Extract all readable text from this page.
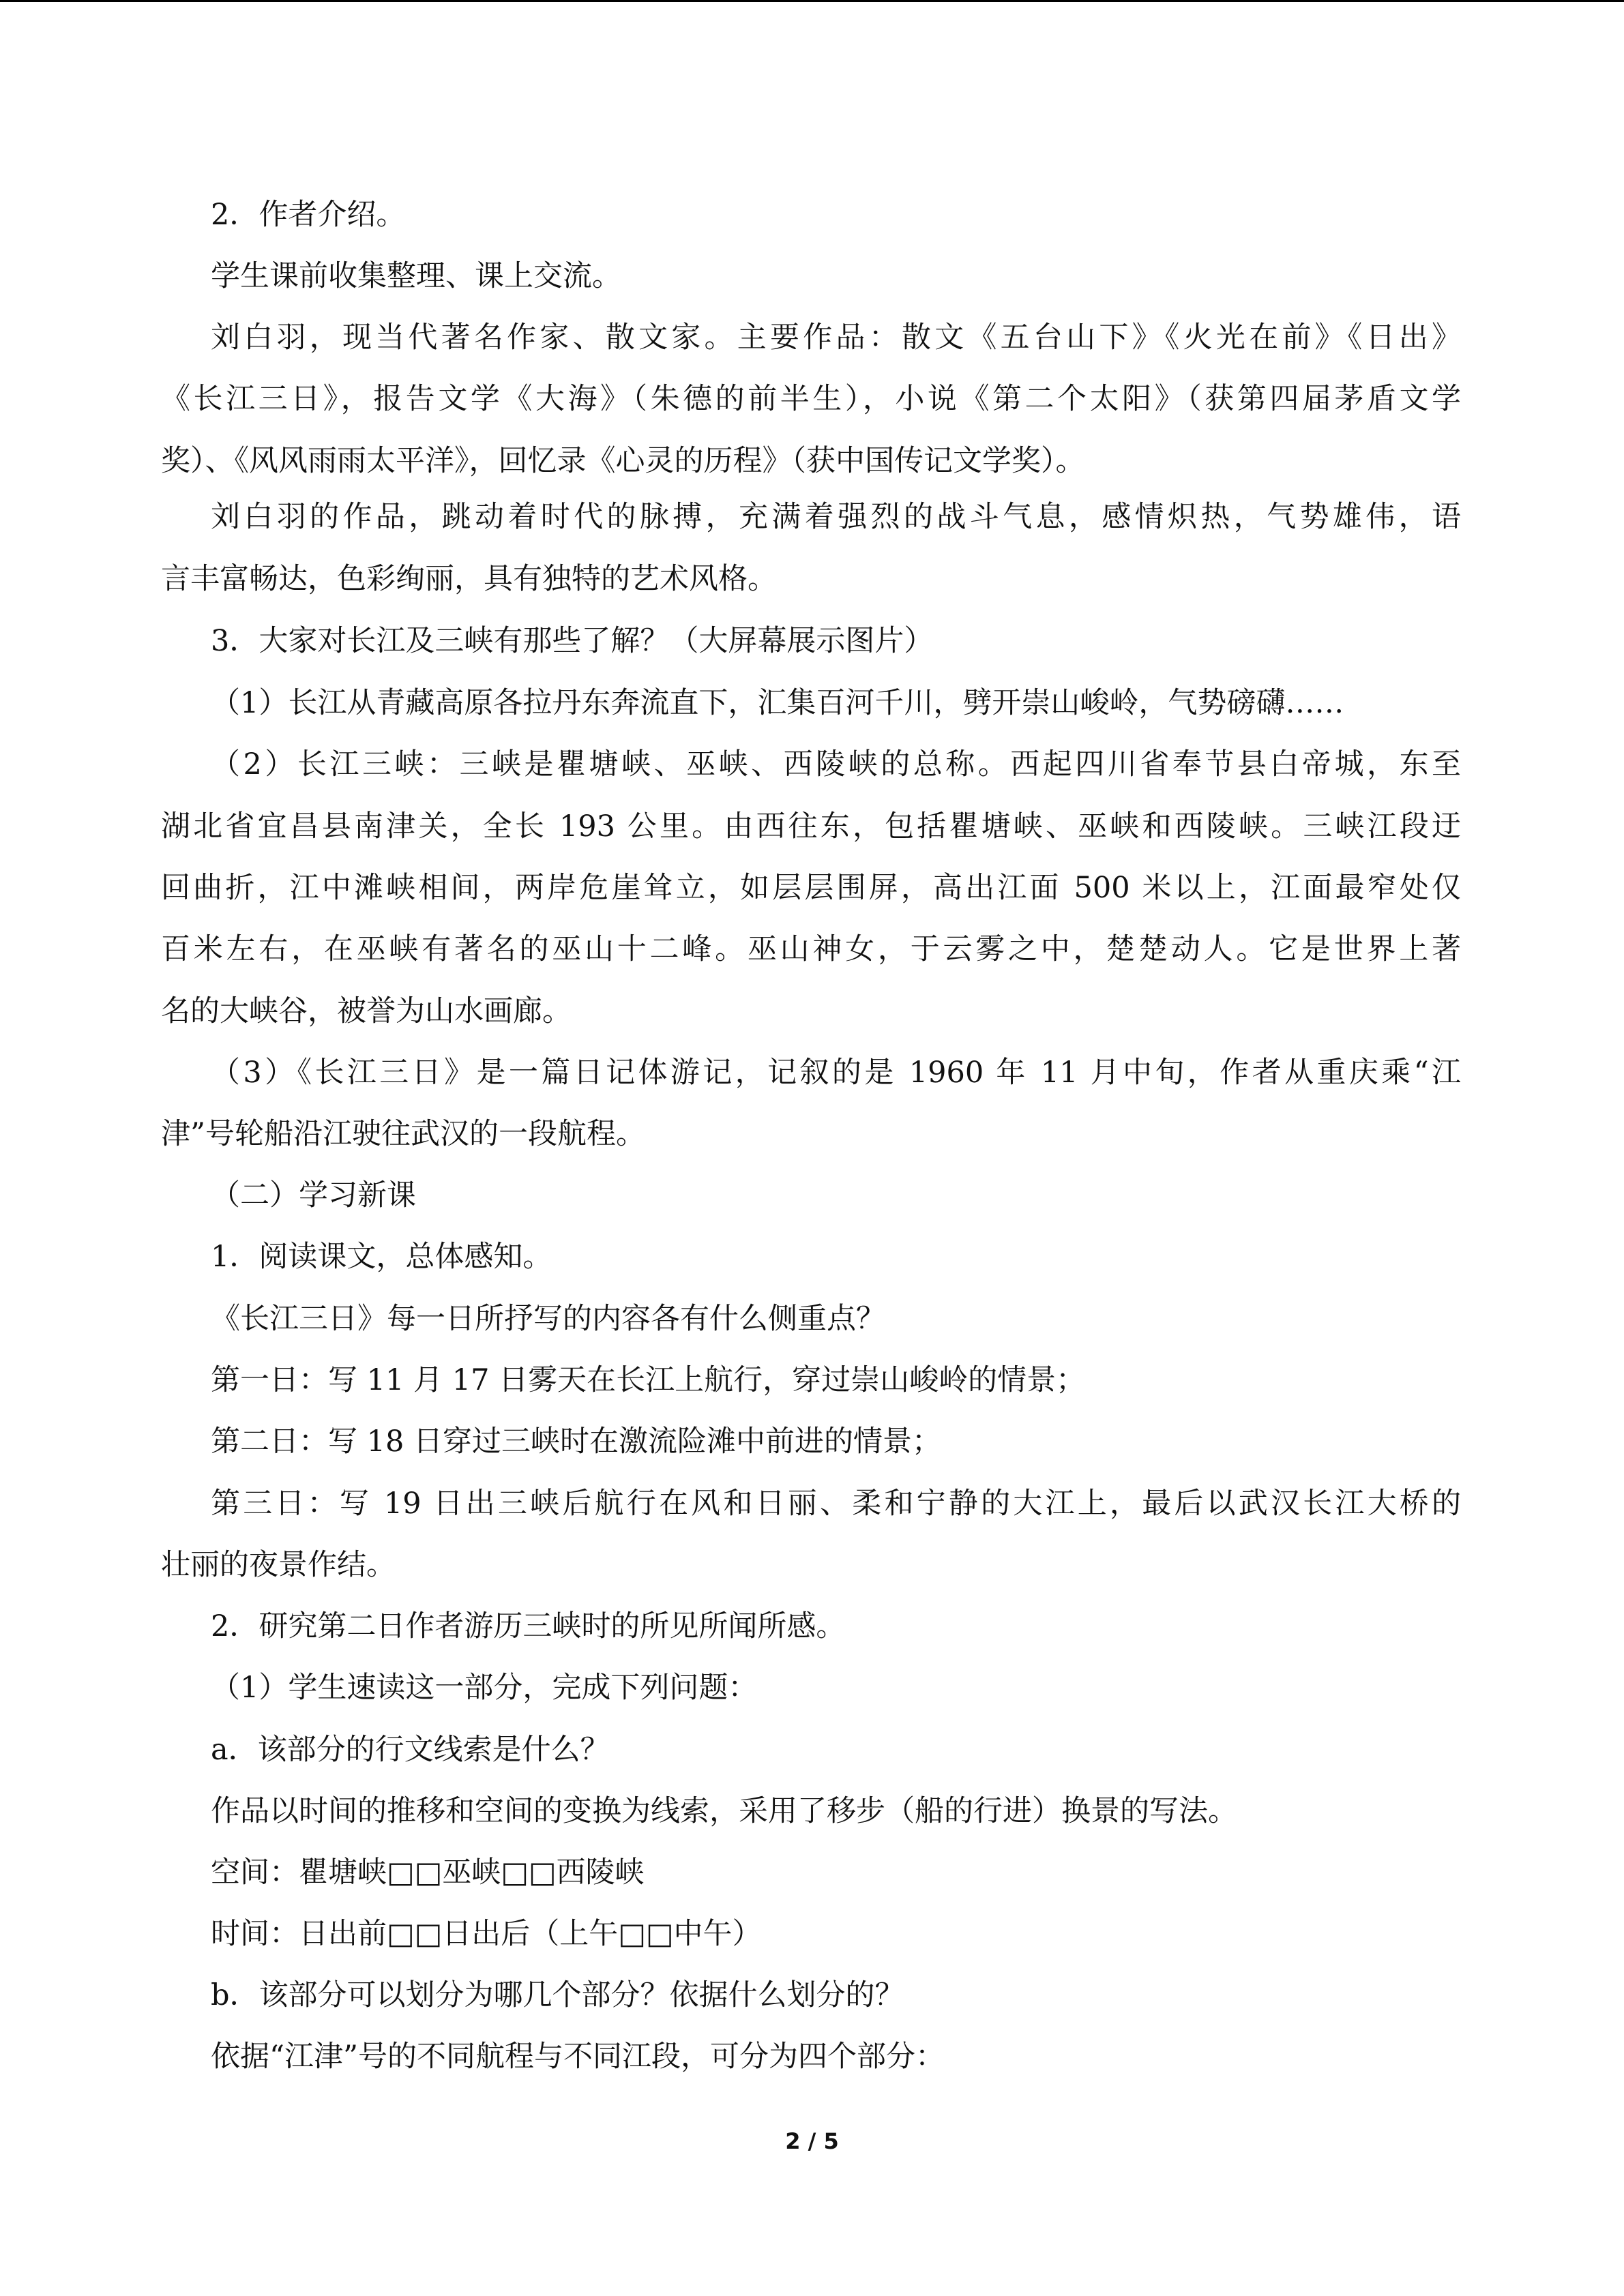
2．作者介绍。
学生课前收集整理、课上交流。
刘白羽，现当代著名作家、散文家。主要作品：散文《五台山下》《火光在前》《日出》
《长江三日》，报告文学《大海》（朱德的前半生），小说《第二个太阳》（获第四届茅盾文学
奖）、《风风雨雨太平洋》，回忆录《心灵的历程》（获中国传记文学奖）。
刘白羽的作品，跳动着时代的脉搏，充满着强烈的战斗气息，感情炽热，气势雄伟，语
言丰富畅达，色彩绚丽，具有独特的艺术风格。
3．大家对长江及三峡有那些了解？（大屏幕展示图片）
（1）长江从青藏高原各拉丹东奔流直下，汇集百河千川，劈开崇山峻岭，气势磅礴……
（2）长江三峡：三峡是瞿塘峡、巫峡、西陵峡的总称。西起四川省奉节县白帝城，东至
湖北省宜昌县南津关，全长 193 公里。由西往东，包括瞿塘峡、巫峡和西陵峡。三峡江段迂
回曲折，江中滩峡相间，两岸危崖耸立，如层层围屏，高出江面 500 米以上，江面最窄处仅
百米左右，在巫峡有著名的巫山十二峰。巫山神女，于云雾之中，楚楚动人。它是世界上著
名的大峡谷，被誉为山水画廊。
（3）《长江三日》是一篇日记体游记，记叙的是 1960 年 11 月中旬，作者从重庆乘“江
津”号轮船沿江驶往武汉的一段航程。
（二）学习新课
1．阅读课文，总体感知。
《长江三日》每一日所抒写的内容各有什么侧重点？
第一日：写 11 月 17 日雾天在长江上航行，穿过崇山峻岭的情景；
第二日：写 18 日穿过三峡时在激流险滩中前进的情景；
第三日：写 19 日出三峡后航行在风和日丽、柔和宁静的大江上，最后以武汉长江大桥的
壮丽的夜景作结。
2．研究第二日作者游历三峡时的所见所闻所感。
（1）学生速读这一部分，完成下列问题：
a．该部分的行文线索是什么？
作品以时间的推移和空间的变换为线索，采用了移步（船的行进）换景的写法。
空间：瞿塘峡□□巫峡□□西陵峡
时间：日出前□□日出后（上午□□中午）
b．该部分可以划分为哪几个部分？依据什么划分的？
依据“江津”号的不同航程与不同江段，可分为四个部分：
2 / 5
